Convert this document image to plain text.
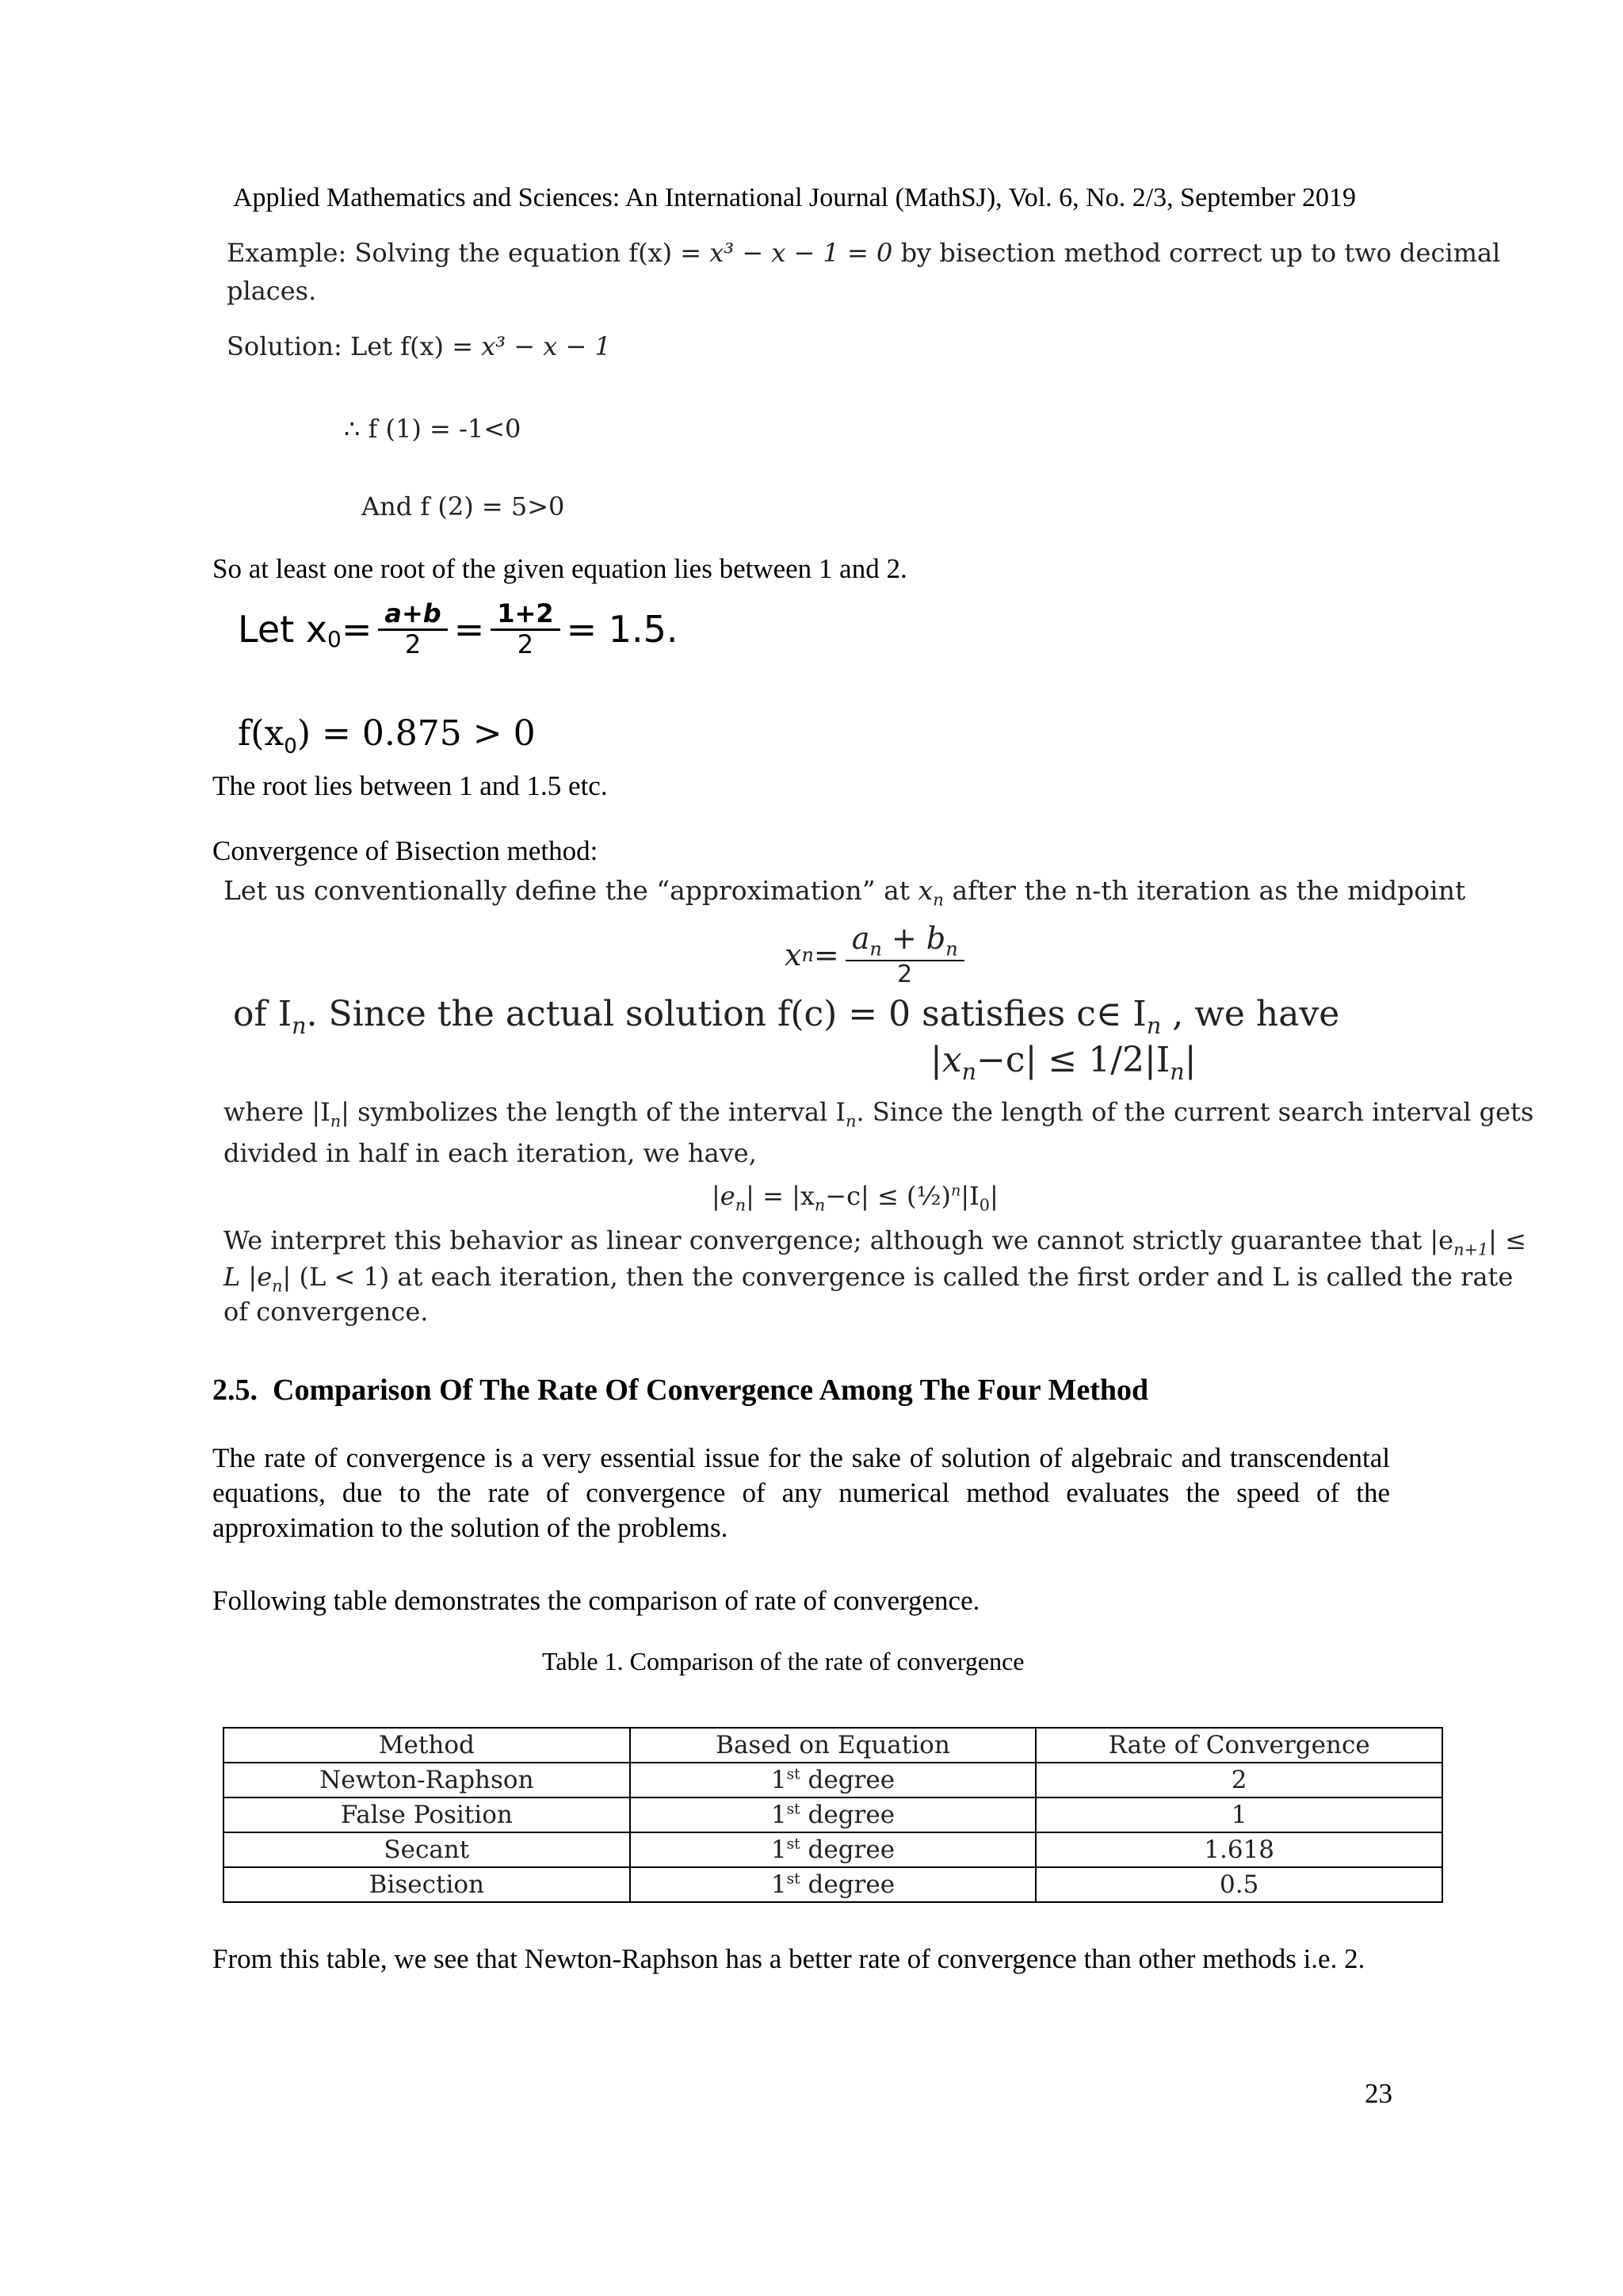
Applied Mathematics and Sciences: An International Journal (MathSJ), Vol. 6, No. 2/3, September 2019

Example: Solving the equation f(x) = x³ − x − 1 = 0 by bisection method correct up to two decimal

places.

Solution: Let f(x) = x³ − x − 1

∴ f (1) = -1<0

And f (2) = 5>0

So at least one root of the given equation lies between 1 and 2.

Let $x_0 = \frac{a+b}{2} = \frac{1+2}{2} = 1.5$.

$f(x_0) = 0.875 > 0$

The root lies between 1 and 1.5 etc.

Convergence of Bisection method:

Let us conventionally define the “approximation” at $x_n$ after the n-th iteration as the midpoint

x $n = \frac{a_n + b_n}{2}$

of $I_n$. Since the actual solution f(c) = 0 satisfies c∈ $I_n$ , we have

$|x_n-c| \le 1/2|I_n|$

where $|I_n|$ symbolizes the length of the interval $I_n$. Since the length of the current search interval gets

divided in half in each iteration, we have,

$|e_n| = |x_n-c|$ ≤ $(\frac{1}{2})^n|I_0|$

We interpret this behavior as linear convergence; although we cannot strictly guarantee that $|e_{n+1}|$ ≤

L $|e_n|$ (L < 1) at each iteration, then the convergence is called the first order and L is called the rate

of convergence.

2.5. Comparison Of The Rate Of Convergence Among The Four Method

The rate of convergence is a very essential issue for the sake of solution of algebraic and transcendental equations, due to the rate of convergence of any numerical method evaluates the speed of the approximation to the solution of the problems.

Following table demonstrates the comparison of rate of convergence.

Table 1. Comparison of the rate of convergence

Method	Based on Equation	Rate of Convergence
Newton-Raphson	1st degree	2
False Position	1st degree	1
Secant	1st degree	1.618
Bisection	1st degree	0.5

From this table, we see that Newton-Raphson has a better rate of convergence than other methods i.e. 2.

23
